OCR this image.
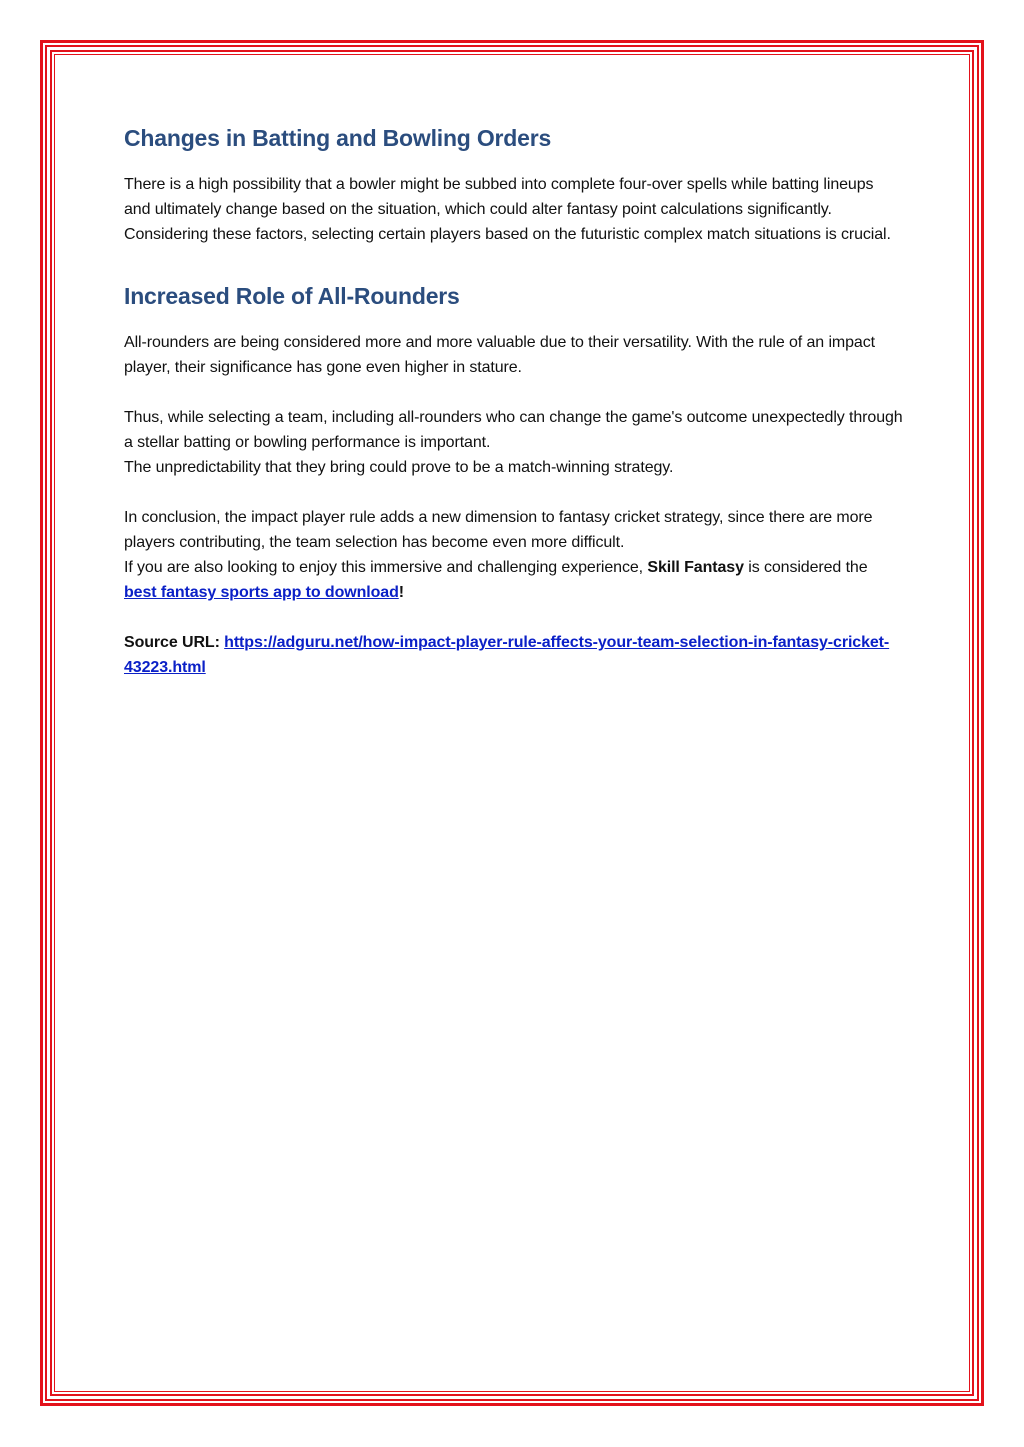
Changes in Batting and Bowling Orders

There is a high possibility that a bowler might be subbed into complete four-over spells while batting lineups and ultimately change based on the situation, which could alter fantasy point calculations significantly. Considering these factors, selecting certain players based on the futuristic complex match situations is crucial.

Increased Role of All-Rounders

All-rounders are being considered more and more valuable due to their versatility. With the rule of an impact player, their significance has gone even higher in stature.

Thus, while selecting a team, including all-rounders who can change the game's outcome unexpectedly through a stellar batting or bowling performance is important.
The unpredictability that they bring could prove to be a match-winning strategy.

In conclusion, the impact player rule adds a new dimension to fantasy cricket strategy, since there are more players contributing, the team selection has become even more difficult.
If you are also looking to enjoy this immersive and challenging experience, Skill Fantasy is considered the best fantasy sports app to download!

Source URL: https://adguru.net/how-impact-player-rule-affects-your-team-selection-in-fantasy-cricket-43223.html
